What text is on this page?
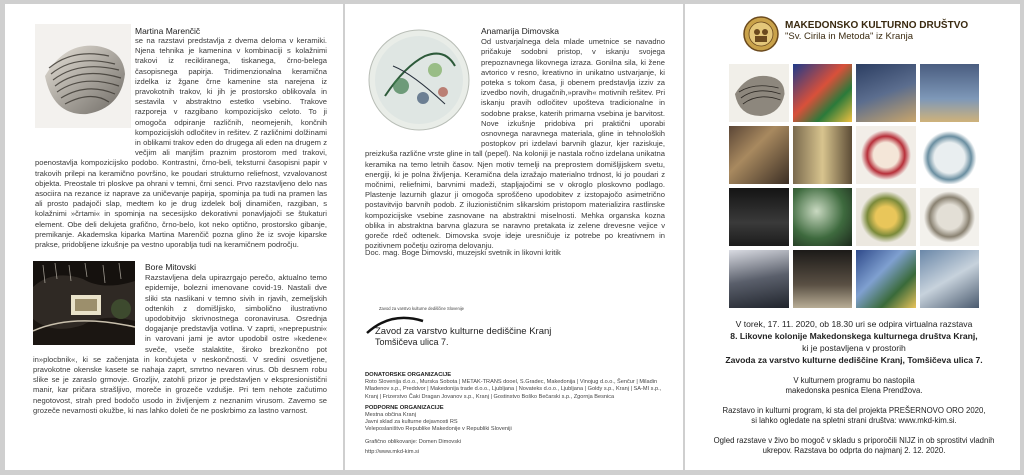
Martina Marenčič

se na razstavi predstavlja z dvema deloma v keramiki. Njena tehnika je kamenina v kombinaciji s kolažnimi trakovi iz recikliranega, tiskanega, črno-belega časopisnega papirja. Tridimenzionalna keramična izdelka iz žgane črne kamenine sta narejena iz pravokotnih trakov, ki jih je prostorsko oblikovala in sestavila v abstraktno estetko vsebino. Trakove razporeja v razgibano kompozicijsko celoto. To ji omogoča odpiranje različnih, neomejenih, končnih kompozicijskih odločitev in rešitev. Z različnimi dolžinami in oblikami trakov eden do drugega ali eden na drugem z večjim ali manjšim praznim prostorom med trakovi, poenostavlja kompozicijsko podobo. Kontrastni, črno-beli, teksturni časopisni papir v trakovih prilepi na keramično površino, ke poudari strukturno reliefnost, vzvalovanost objekta. Preostale tri ploskve pa ohrani v temni, črni senci. Prvo razstavljeno delo nas asociira na rezance iz naprave za uničevanje papirja, spominja pa tudi na pramen las ali prosto padajoči slap, medtem ko je drug izdelek bolj dinamičen, razgiban, s kolažnimi »črtami« in spominja na secesijsko dekorativni ponavljajoči se štukaturi element. Obe deli delujeta grafično, črno-belo, kot neko optično, prostorsko gibanje, premikanje. Akademska kiparka Martina Marenčič pozna glino že iz svoje kiparske prakse, pridobljene izkušnje pa vestno uporablja tudi na keramičnem področju.

Bore Mitovski

Razstavljena dela upirazrgajo perečo, aktualno temo epidemije, bolezni imenovane covid-19. Nastali dve sliki sta naslikani v temno sivih in rjavih, zemeljskih odtenkih z domišljisko, simbolično ilustrativno upodobitvijo skrivnostnega coronavirusa. Osrednja dogajanje predstavlja votlina. V zaprti, »neprepustni« in varovani jami je avtor upodobil ostre »kedene« sveče, vseče stalaktite, široko brezkončno pot in»plocbnik«, ki se začenjata in končujeta v neskončnosti. V sredini osvetljene, pravokotne okenske kasete se nahaja zaprt, smrtno nevaren virus. Ob desnem robu slike se je zaraslo grmovje. Grozljiv, zatohli prizor je predstavljen v ekspresionistični manir, kar pričara strašljivo, moreče in grozeče vzdušje. Pri tem nehote začutimo negotovost, strah pred bodočo usodo in življenjem z neznanim virusom. Zavemo se grozeče nevarnosti okužbe, ki nas lahko doleti če ne poskrbimo za lastno varnost.

Anamarija Dimovska

Od ustvarjalnega dela mlade umetnice se navadno pričakuje sodobni pristop, v iskanju svojega prepoznavnega likovnega izraza. Gonilna sila, ki žene avtorico v resno, kreativno in unikatno ustvarjanje, ki poteka s tokom časa, ji obenem predstavlja izziv za izvedbo novih, drugačnih,»pravih« motivnih rešitev. Pri iskanju pravih odločitev upošteva tradicionalne in sodobne prakse, katerih primarna vsebina je barvitost. Nove izkušnje pridobiva pri praktični uporabi osnovnega naravnega materiala, gline in tehnoloških postopkov pri izdelavi barvnih glazur, kjer raziskuje, preizkuša različne vrste gline in tall (pepel). Na koloniji je nastala ročno izdelana unikatna keramika na temo letnih časov. Njen motiv temelji na preprostem domišljijskem svetu, energiji, ki je polna življenja. Keramična dela izražajo materialno trdnost, ki jo poudari z močnimi, reliefnimi, barvnimi madeži, stapljajočimi se v okroglo ploskovno podlago. Plastenje lazurnih glazur ji omogoča sproščeno upodobitev z izstopajočo asimetrično postavitvijo barvnih podob. Z iluzionističnim slikarskim pristopom materializira rastlinske kompozicijske vsebine zasnovane na abstraktni miselnosti. Mehka organska kozna oblika in abstraktna barvna glazura se naravno pretakata iz zelene drevesne vejice v goreče rdeč odtenek. Dimovska svoje ideje uresničuje iz potrebe po kreativnem in pozitivnem početju oziroma delovanju.

Doc. mag. Boge Dimovski, muzejski svetnik in likovni kritik
Zavod za varstvo kulturne dediščine Slovenije
Zavod za varstvo kulturne dediščine Kranj
Tomšičeva ulica 7.
DONATORSKE ORGANIZACIJE
Roto Slovenija d.o.o., Murska Sobota | METAK-TRANS dooel, S.Gradec, Makedonija | Vinojug d.o.o., Šenčur | Miladin Mladenov s.p., Preddvor | Makedonija trade d.o.o., Ljubljana | Novateks d.o.o., Ljubljana | Goldy s.p., Kranj | SA-MI s.p., Kranj | Frizerstvo Čaki Dragan Jovanov s.p., Kranj | Gostinstvo Boško Bečarski s.p., Zgornja Besnica
PODPORNE ORGANIZACIJE
Mestna občina Kranj
Javni sklad za kulturne dejavnosti RS
Veleposlaništvo Republike Makedonije v Republiki Sloveniji
Grafično oblikovanje: Domen Dimovski
http://www.mkd-kim.si
MAKEDONSKO KULTURNO DRUŠTVO
"Sv. Cirila in Metoda" iz Kranja
V torek, 17. 11. 2020, ob 18.30 uri se odpira virtualna razstava
8. Likovne kolonije Makedonskega kulturnega društva Kranj,
ki je postavljena v prostorih
Zavoda za varstvo kulturne dediščine Kranj, Tomšičeva ulica 7.
V kulturnem programu bo nastopila
makedonska pesnica Elena Prendžova.
Razstavo in kulturni program, ki sta del projekta PREŠERNOVO ORO 2020,
si lahko ogledate na spletni strani društva: www.mkd-kim.si.
Ogled razstave v živo bo mogoč v skladu s priporočili NIJZ in ob sprostitvi vladnih
ukrepov. Razstava bo odprta do najmanj 2. 12. 2020.
